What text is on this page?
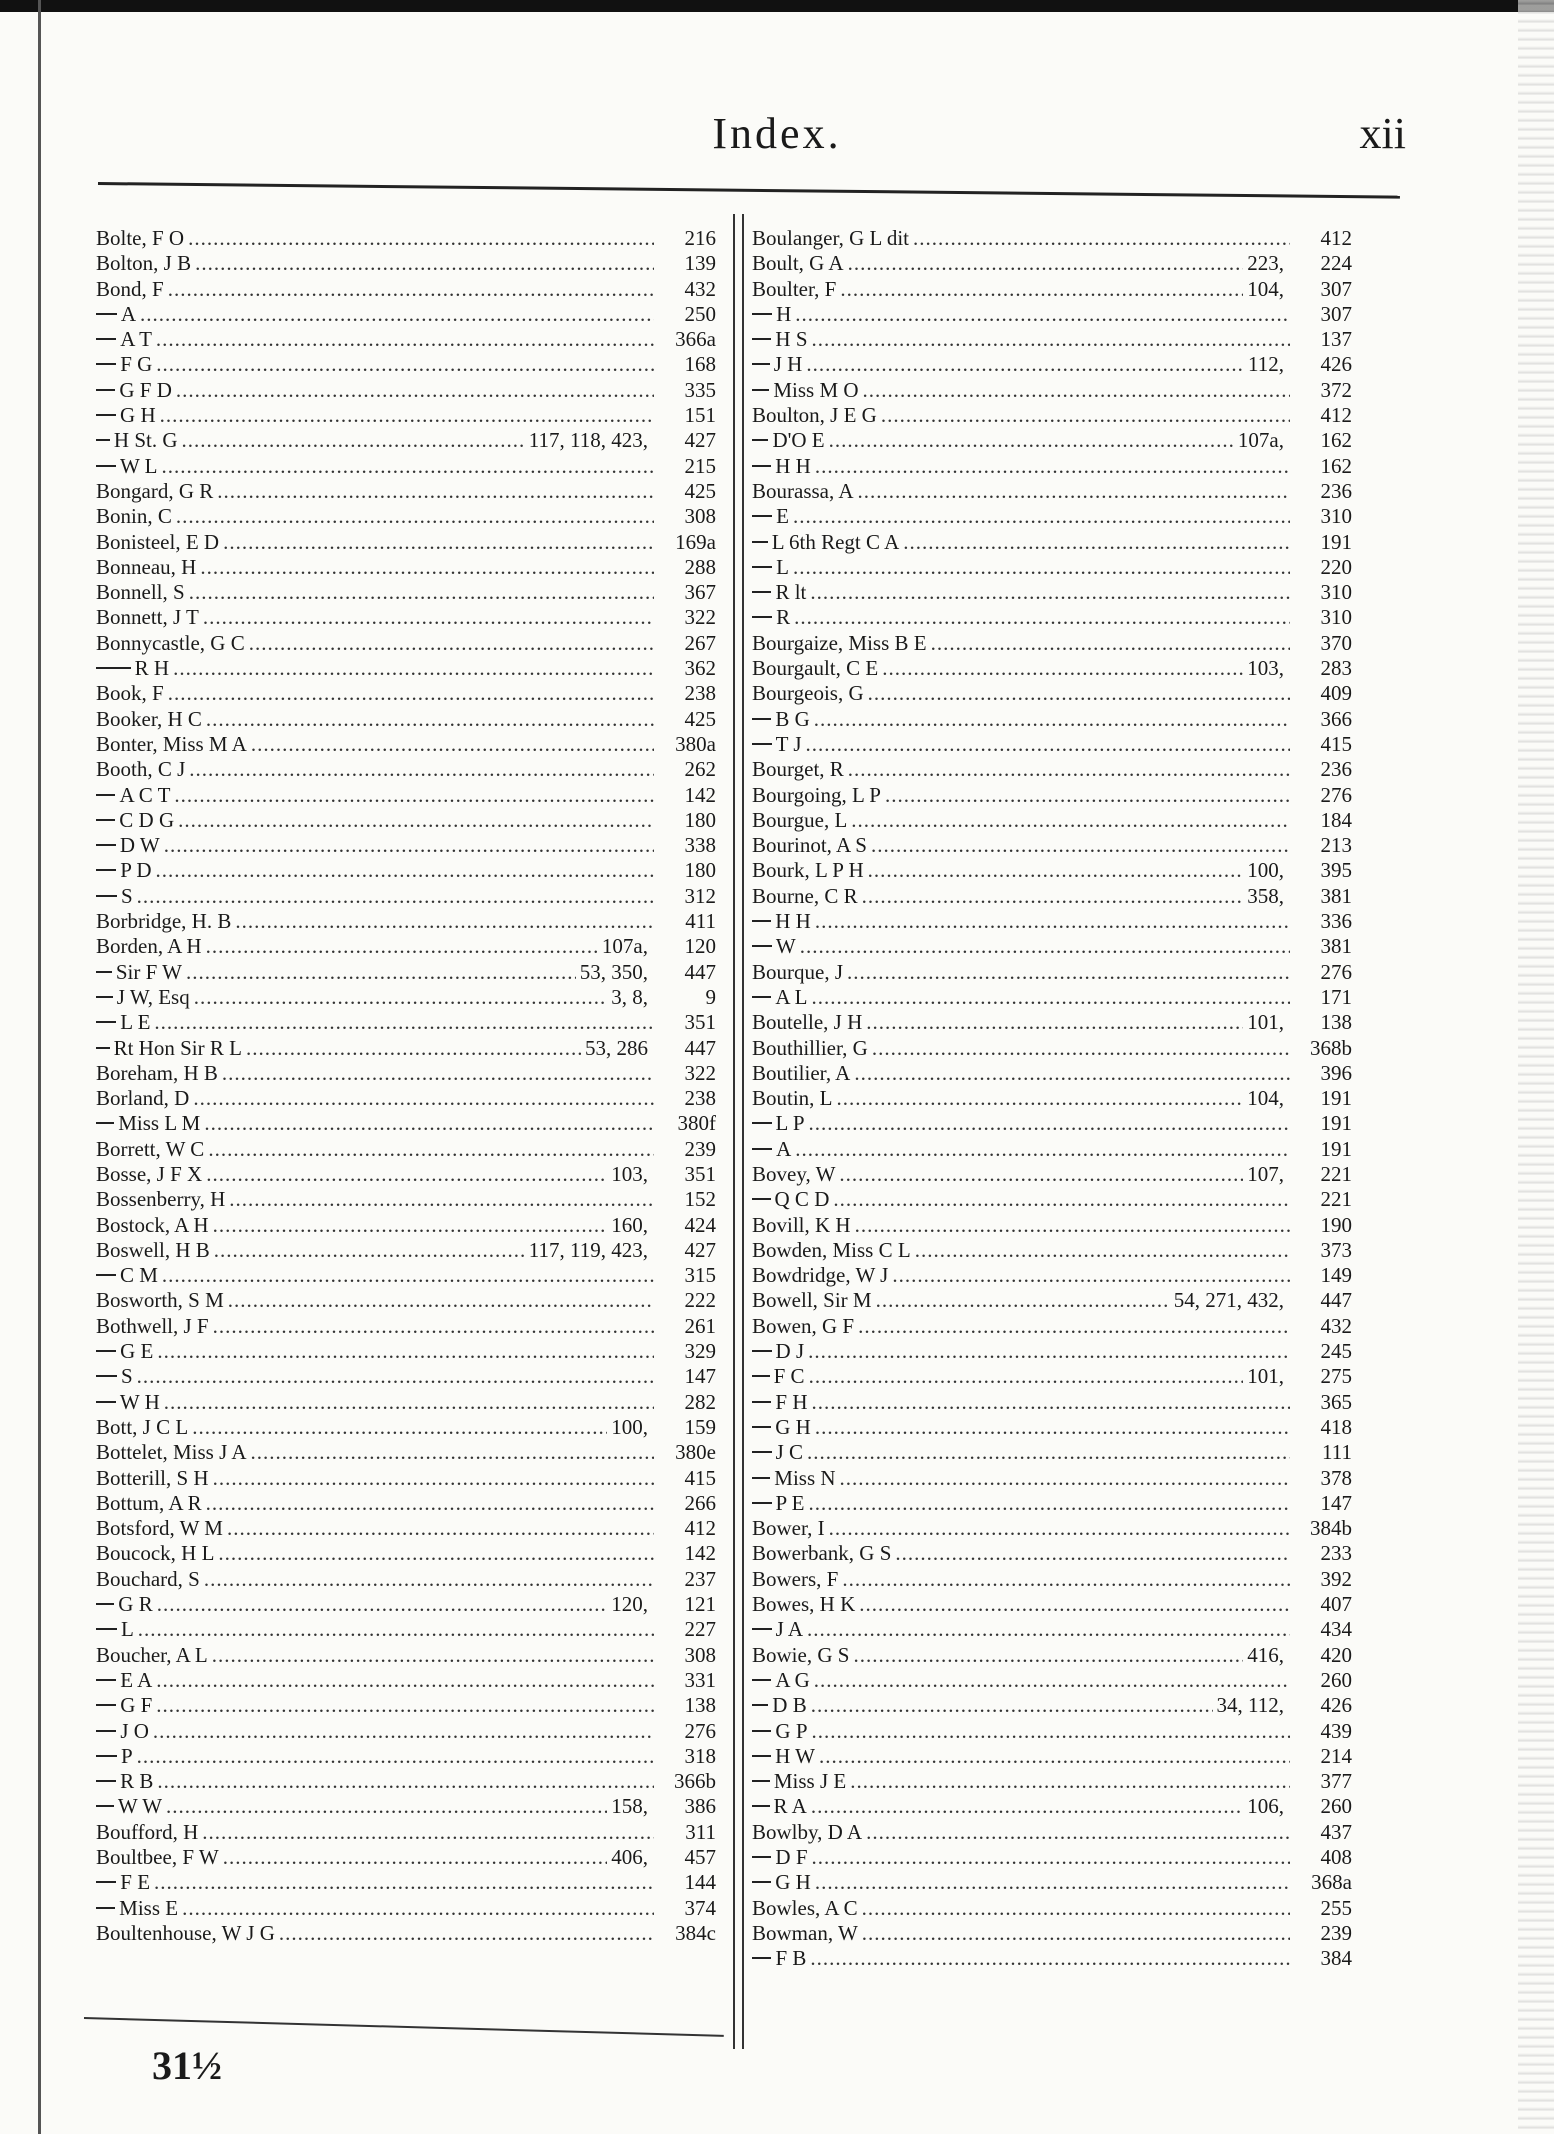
Index.	xii
Bolte, F O .....	216
Bolton, J B .....	139
Bond, F .....	432
A .....	250
A T .....	366a
F G .....	168
G F D .....	335
G H .....	151
H St. G .....	117, 118, 423,	427
W L .....	215
Bongard, G R .....	425
Bonin, C .....	308
Bonisteel, E D .....	169a
Bonneau, H .....	288
Bonnell, S .....	367
Bonnett, J T .....	322
Bonnycastle, G C .....	267
R H .....	362
Book, F .....	238
Booker, H C .....	425
Bonter, Miss M A .....	380a
Booth, C J .....	262
A C T .....	142
C D G .....	180
D W .....	338
P D .....	180
S .....	312
Borbridge, H. B .....	411
Borden, A H .....	107a,	120
Sir F W .....	53, 350,	447
J W, Esq .....	3, 8,	9
L E .....	351
Rt Hon Sir R L .....	53, 286	447
Boreham, H B .....	322
Borland, D .....	238
Miss L M .....	380f
Borrett, W C .....	239
Bosse, J F X .....	103,	351
Bossenberry, H .....	152
Bostock, A H .....	160,	424
Boswell, H B .....	117, 119, 423,	427
C M .....	315
Bosworth, S M .....	222
Bothwell, J F .....	261
G E .....	329
S .....	147
W H .....	282
Bott, J C L .....	100,	159
Bottelet, Miss J A .....	380e
Botterill, S H .....	415
Bottum, A R .....	266
Botsford, W M .....	412
Boucock, H L .....	142
Bouchard, S .....	237
G R .....	120,	121
L .....	227
Boucher, A L .....	308
E A .....	331
G F .....	138
J O .....	276
P .....	318
R B .....	366b
W W .....	158,	386
Boufford, H .....	311
Boultbee, F W .....	406,	457
F E .....	144
Miss E .....	374
Boultenhouse, W J G .....	384c
Boulanger, G L dit .....	412
Boult, G A .....	223,	224
Boulter, F .....	104,	307
H .....	307
H S .....	137
J H .....	112,	426
Miss M O .....	372
Boulton, J E G .....	412
D'O E .....	107a,	162
H H .....	162
Bourassa, A .....	236
E .....	310
L 6th Regt C A .....	191
L .....	220
R lt .....	310
R .....	310
Bourgaize, Miss B E .....	370
Bourgault, C E .....	103,	283
Bourgeois, G .....	409
B G .....	366
T J .....	415
Bourget, R .....	236
Bourgoing, L P .....	276
Bourgue, L .....	184
Bourinot, A S .....	213
Bourk, L P H .....	100,	395
Bourne, C R .....	358,	381
H H .....	336
W .....	381
Bourque, J .....	276
A L .....	171
Boutelle, J H .....	101,	138
Bouthillier, G .....	368b
Boutilier, A .....	396
Boutin, L .....	104,	191
L P .....	191
A .....	191
Bovey, W .....	107,	221
Q C D .....	221
Bovill, K H .....	190
Bowden, Miss C L .....	373
Bowdridge, W J .....	149
Bowell, Sir M .....	54, 271, 432,	447
Bowen, G F .....	432
D J .....	245
F C .....	101,	275
F H .....	365
G H .....	418
J C .....	111
Miss N .....	378
P E .....	147
Bower, I .....	384b
Bowerbank, G S .....	233
Bowers, F .....	392
Bowes, H K .....	407
J A .....	434
Bowie, G S .....	416,	420
A G .....	260
D B .....	34, 112,	426
G P .....	439
H W .....	214
Miss J E .....	377
R A .....	106,	260
Bowlby, D A .....	437
D F .....	408
G H .....	368a
Bowles, A C .....	255
Bowman, W .....	239
F B .....	384
31½
